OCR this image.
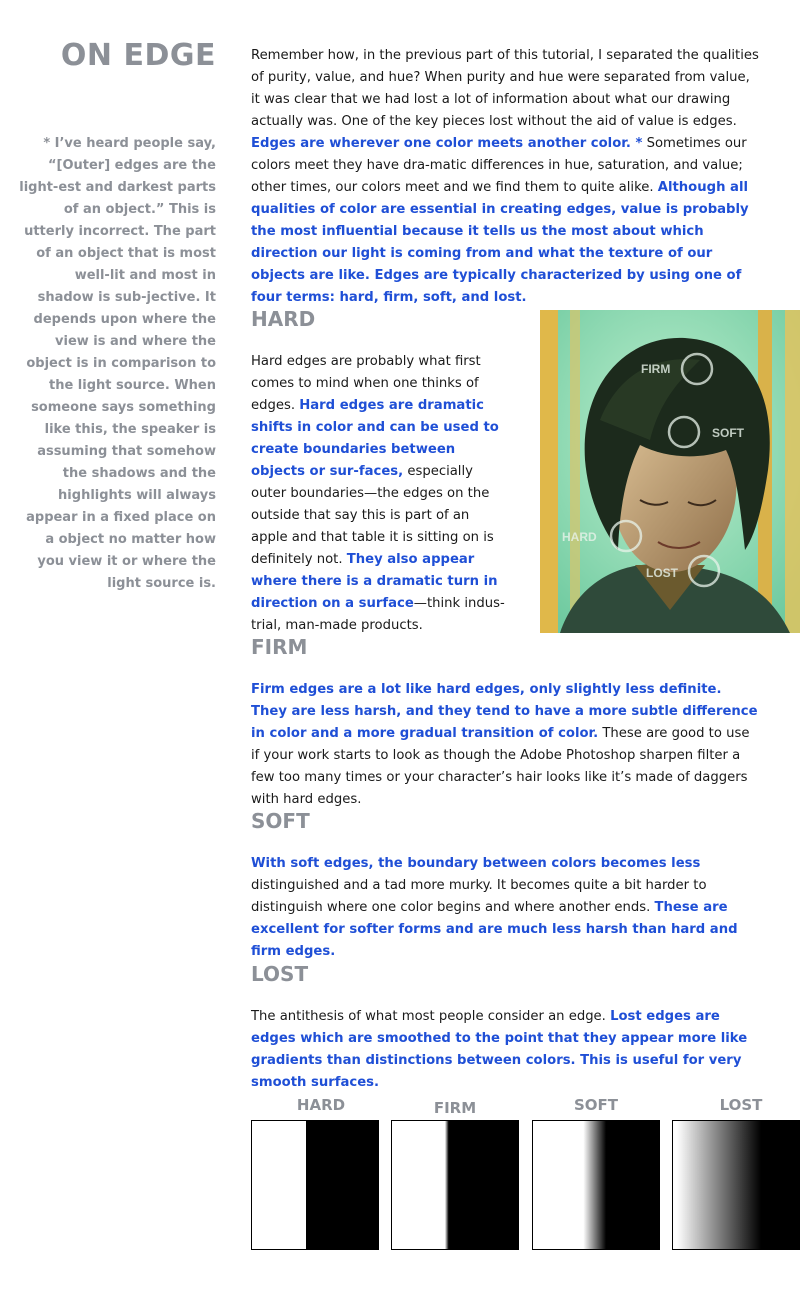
ON EDGE

* I’ve heard people say, “[Outer] edges are the light-est and darkest parts of an object.” This is utterly incorrect. The part of an object that is most well-lit and most in shadow is sub-jective. It depends upon where the view is and where the object is in comparison to the light source. When someone says something like this, the speaker is assuming that somehow the shadows and the highlights will always appear in a fixed place on a object no matter how you view it or where the light source is.

Remember how, in the previous part of this tutorial, I separated the qualities of purity, value, and hue? When purity and hue were separated from value, it was clear that we had lost a lot of information about what our drawing actually was. One of the key pieces lost without the aid of value is edges. Edges are wherever one color meets another color. * Sometimes our colors meet they have dra-matic differences in hue, saturation, and value; other times, our colors meet and we find them to quite alike. Although all qualities of color are essential in creating edges, value is probably the most influential because it tells us the most about which direction our light is coming from and what the texture of our objects are like. Edges are typically characterized by using one of four terms: hard, firm, soft, and lost.

HARD

Hard edges are probably what first comes to mind when one thinks of edges. Hard edges are dramatic shifts in color and can be used to create boundaries between objects or sur-faces, especially outer boundaries—the edges on the outside that say this is part of an apple and that table it is sitting on is definitely not. They also appear where there is a dramatic turn in direction on a surface—think indus-trial, man-made products.

FIRM
SOFT
HARD
LOST
FIRM

Firm edges are a lot like hard edges, only slightly less definite. They are less harsh, and they tend to have a more subtle difference in color and a more gradual transition of color. These are good to use if your work starts to look as though the Adobe Photoshop sharpen filter a few too many times or your character’s hair looks like it’s made of daggers with hard edges.

SOFT

With soft edges, the boundary between colors becomes less distinguished and a tad more murky. It becomes quite a bit harder to distinguish where one color begins and where another ends. These are excellent for softer forms and are much less harsh than hard and firm edges.

LOST

The antithesis of what most people consider an edge. Lost edges are edges which are smoothed to the point that they appear more like gradients than distinctions between colors. This is useful for very smooth surfaces.

HARD	FIRM	SOFT	LOST
